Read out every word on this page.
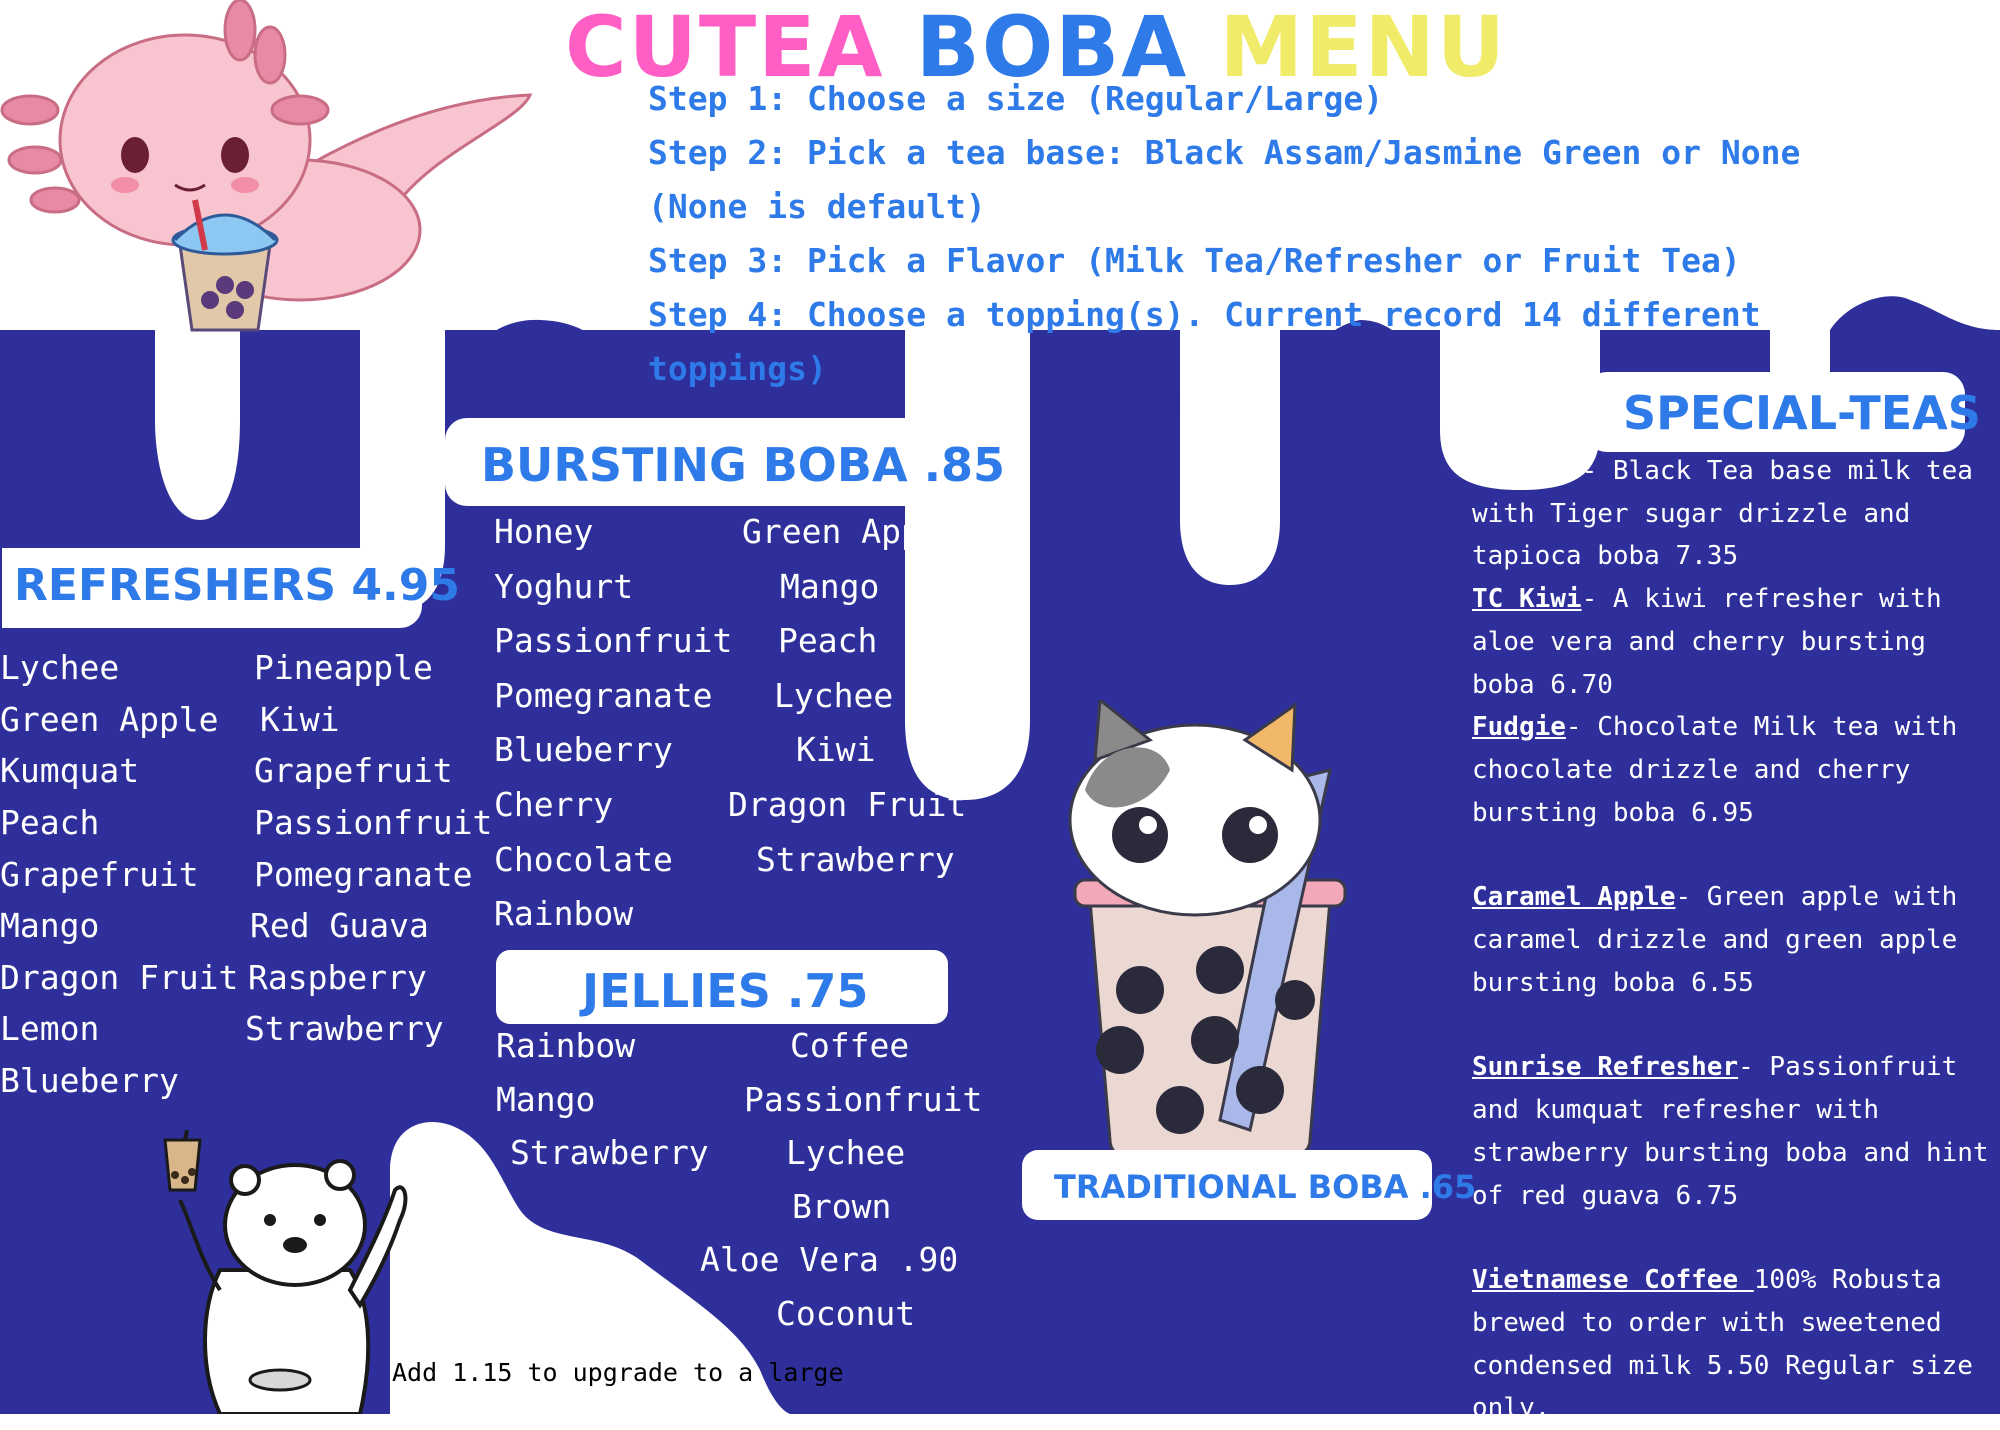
CUTEA BOBA MENU
Step 1: Choose a size (Regular/Large)
Step 2: Pick a tea base: Black Assam/Jasmine Green or None (None is default)
Step 3: Pick a Flavor (Milk Tea/Refresher or Fruit Tea)
Step 4: Choose a topping(s). Current record 14 different toppings)
REFRESHERS 4.95
Lychee
Green Apple
Kumquat
Peach
Grapefruit
Mango
Dragon Fruit
Lemon
Blueberry
Pineapple
Kiwi
Grapefruit
Passionfruit
Pomegranate
Red Guava
Raspberry
Strawberry
BURSTING BOBA .85
Honey
Yoghurt
Passionfruit
Pomegranate
Blueberry
Cherry
Chocolate
Rainbow
Green Apple
Mango
Peach
Lychee
Kiwi
Dragon Fruit
Strawberry
JELLIES .75
Rainbow
Mango
Strawberry
Coffee
Passionfruit
Lychee
Brown
Aloe Vera .90
Coconut
TRADITIONAL BOBA .65
SPECIAL-TEAS
Dogman - Black Tea base milk tea with Tiger sugar drizzle and tapioca boba 7.35
TC Kiwi- A kiwi refresher with aloe vera and cherry bursting boba 6.70
Fudgie- Chocolate Milk tea with chocolate drizzle and cherry bursting boba 6.95
Caramel Apple- Green apple with caramel drizzle and green apple bursting boba 6.55
Sunrise Refresher- Passionfruit and kumquat refresher with strawberry bursting boba and hint of red guava 6.75
Vietnamese Coffee 100% Robusta brewed to order with sweetened condensed milk 5.50 Regular size only.
Add 1.15 to upgrade to a large
